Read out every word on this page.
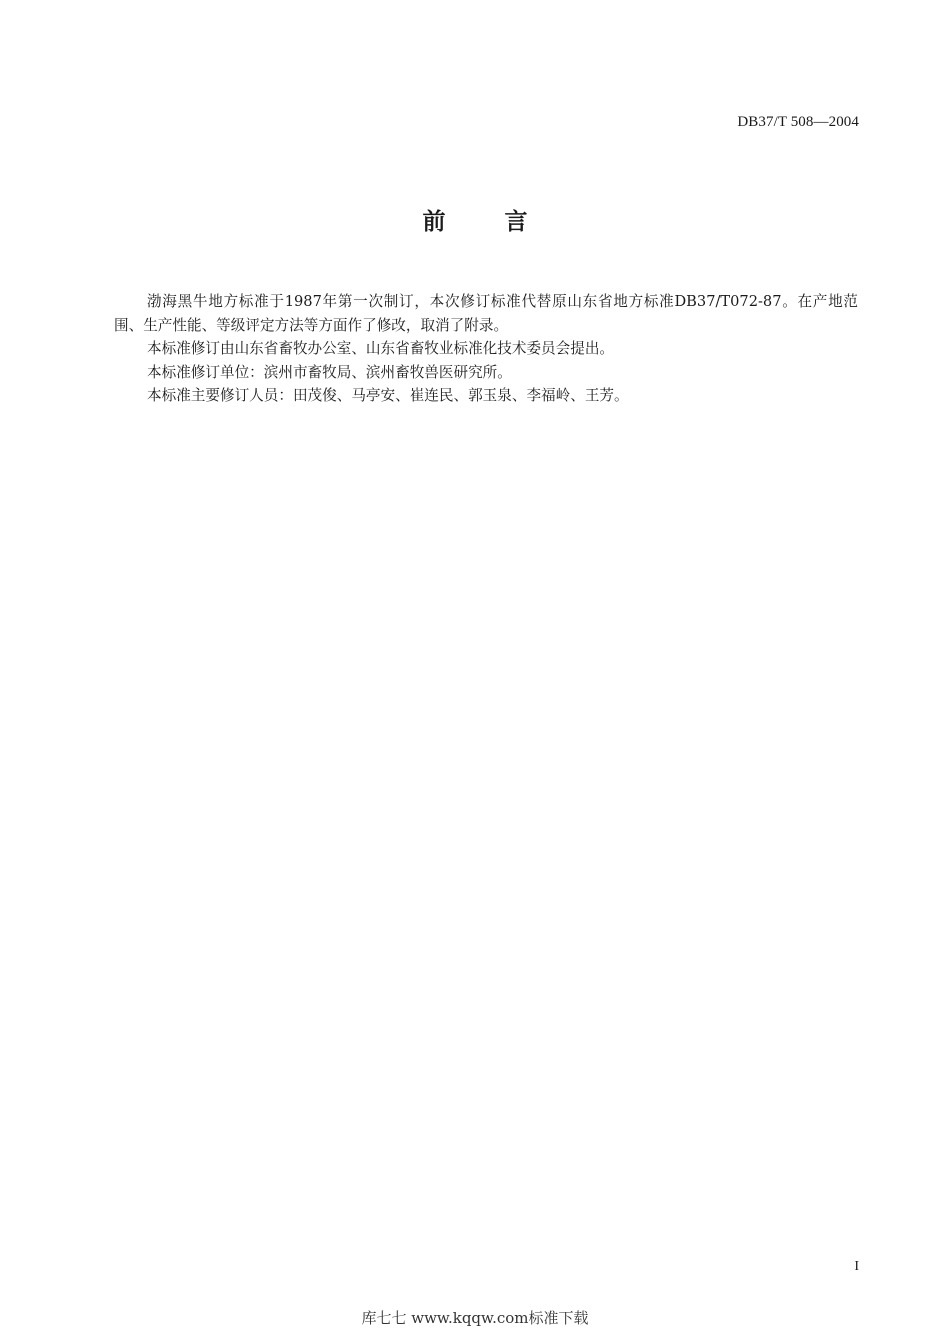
DB37/T 508—2004
前言

渤海黑牛地方标准于1987年第一次制订，本次修订标准代替原山东省地方标准DB37/T072-87。在产地范围、生产性能、等级评定方法等方面作了修改，取消了附录。

本标准修订由山东省畜牧办公室、山东省畜牧业标准化技术委员会提出。

本标准修订单位：滨州市畜牧局、滨州畜牧兽医研究所。

本标准主要修订人员：田茂俊、马亭安、崔连民、郭玉泉、李福岭、王芳。

I
库七七 www.kqqw.com标准下载
